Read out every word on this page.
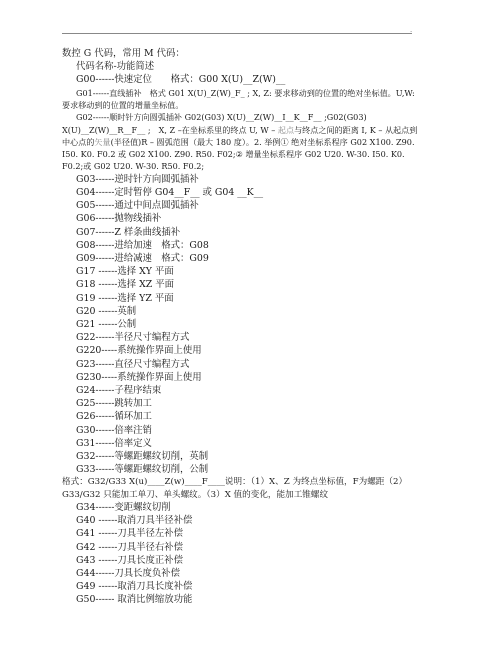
.
数控 G 代码，常用 M 代码：
代码名称-功能简述
G00------快速定位　　格式：G00 X(U)__Z(W)__
G01------直线插补　格式 G01 X(U)_Z(W)_F_ ; X, Z: 要求移动到的位置的绝对坐标值。U,W: 要求移动到的位置的增量坐标值。
G02------顺时针方向圆弧插补 G02(G03) X(U)__Z(W)__I__K__F__ ;G02(G03) X(U)__Z(W)__R__F__ ;　X, Z –在坐标系里的终点 U, W – 起点与终点之间的距离 I, K – 从起点到中心点的矢量(半径值)R – 圆弧范围（最大 180 度）。2. 举例① 绝对坐标系程序 G02 X100. Z90. I50. K0. F0.2 或 G02 X100. Z90. R50. F02;② 增量坐标系程序 G02 U20. W-30. I50. K0. F0.2;或 G02 U20. W-30. R50. F0.2;
G03------逆时针方向圆弧插补
G04------定时暂停 G04__F__ 或 G04 __K__
G05------通过中间点圆弧插补
G06------抛物线插补
G07------Z 样条曲线插补
G08------进给加速　格式：G08
G09------进给减速　格式：G09
G17 ------选择 XY 平面
G18 ------选择 XZ 平面
G19 ------选择 YZ 平面
G20 ------英制
G21 ------公制
G22------半径尺寸编程方式
G220-----系统操作界面上使用
G23------直径尺寸编程方式
G230-----系统操作界面上使用
G24------子程序结束
G25------跳转加工
G26------循环加工
G30------倍率注销
G31------倍率定义
G32------等螺距螺纹切削，英制
G33------等螺距螺纹切削，公制
格式：G32/G33 X(u)____Z(w)____F____说明：（1）X、Z 为终点坐标值，F为螺距（2）G33/G32 只能加工单刀、单头螺纹。（3）X 值的变化，能加工锥螺纹
G34------变距螺纹切削
G40 ------取消刀具半径补偿
G41 ------刀具半径左补偿
G42 ------刀具半径右补偿
G43 ------刀具长度正补偿
G44------刀具长度负补偿
G49 ------取消刀具长度补偿
G50------ 取消比例缩放功能
